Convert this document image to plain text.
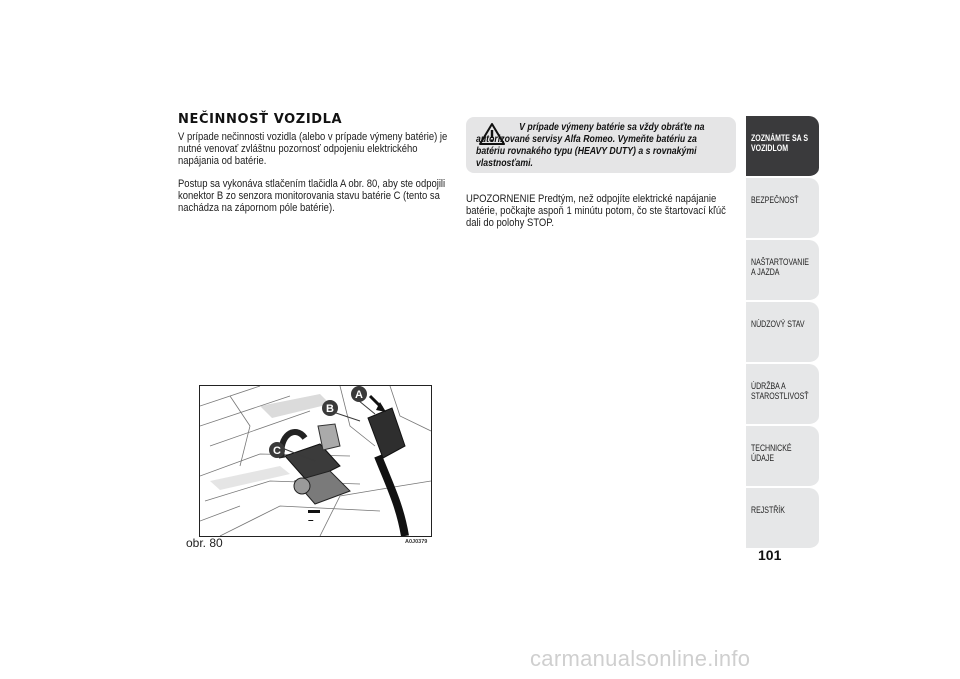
NEČINNOSŤ VOZIDLA
V prípade nečinnosti vozidla (alebo v prípade výmeny batérie) je nutné venovať zvláštnu pozornosť odpojeniu elektrického napájania od batérie.
Postup sa vykonáva stlačením tlačidla A obr. 80, aby ste odpojili konektor B zo senzora monitorovania stavu batérie C (tento sa nachádza na zápornom póle batérie).
V prípade výmeny batérie sa vždy obráťte na autorizované servisy Alfa Romeo. Vymeňte batériu za batériu rovnakého typu (HEAVY DUTY) a s rovnakými vlastnosťami.
UPOZORNENIE Predtým, než odpojíte elektrické napájanie batérie, počkajte aspoň 1 minútu potom, čo ste štartovací kľúč dali do polohy STOP.
A
B
C
–
obr. 80	A0J0379
ZOZNÁMTE SA S VOZIDLOM
BEZPEČNOSŤ
NAŠTARTOVANIE A JAZDA
NÚDZOVÝ STAV
ÚDRŽBA A STAROSTLIVOSŤ
TECHNICKÉ ÚDAJE
REJSTŘÍK
101
carmanualsonline.info
